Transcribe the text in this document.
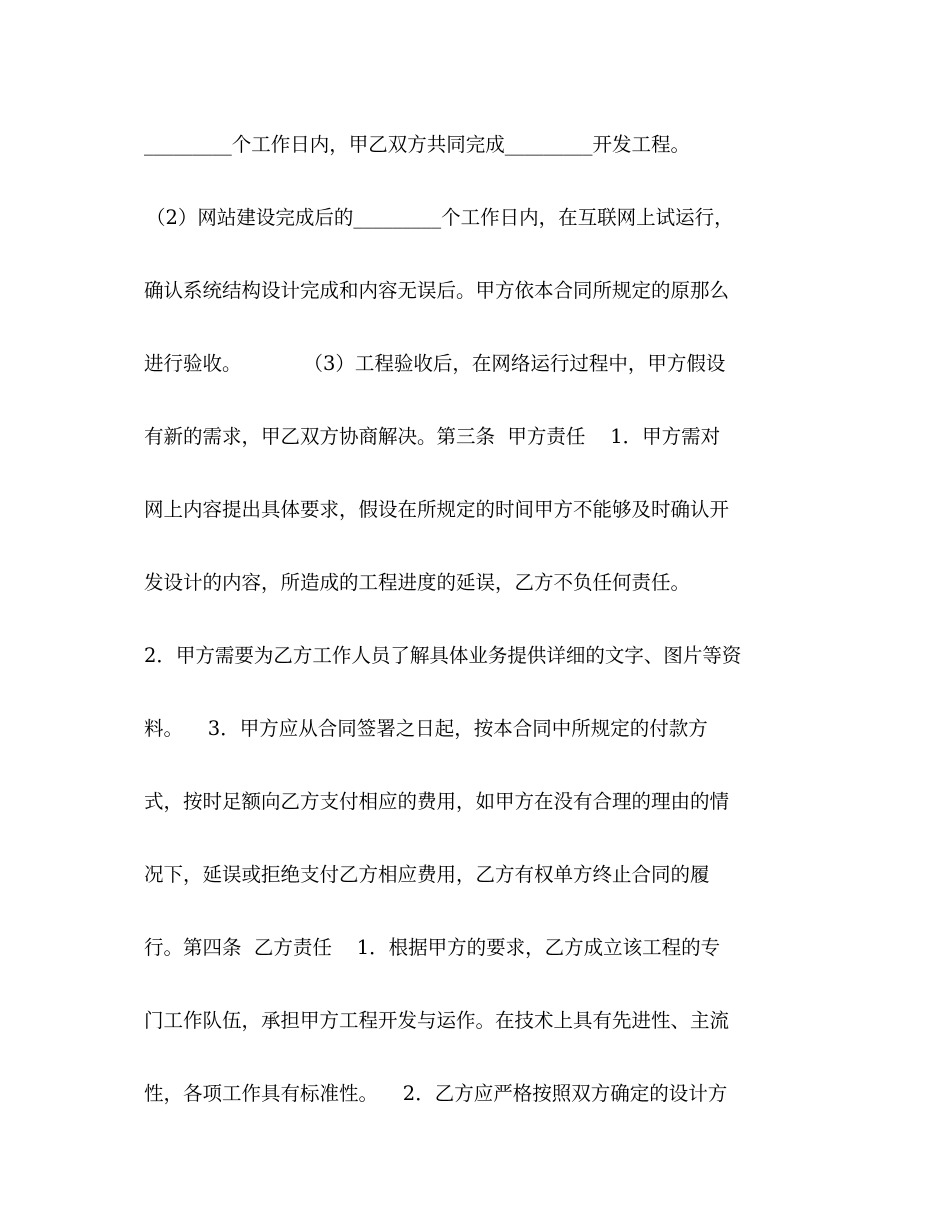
_________个工作日内，甲乙双方共同完成_________开发工程。
（2）网站建设完成后的_________个工作日内，在互联网上试运行，
确认系统结构设计完成和内容无误后。甲方依本合同所规定的原那么
进行验收。          （3）工程验收后，在网络运行过程中，甲方假设
有新的需求，甲乙双方协商解决。第三条  甲方责任    1．甲方需对
网上内容提出具体要求，假设在所规定的时间甲方不能够及时确认开
发设计的内容，所造成的工程进度的延误，乙方不负任何责任。
2．甲方需要为乙方工作人员了解具体业务提供详细的文字、图片等资
料。    3．甲方应从合同签署之日起，按本合同中所规定的付款方
式，按时足额向乙方支付相应的费用，如甲方在没有合理的理由的情
况下，延误或拒绝支付乙方相应费用，乙方有权单方终止合同的履
行。第四条  乙方责任    1．根据甲方的要求，乙方成立该工程的专
门工作队伍，承担甲方工程开发与运作。在技术上具有先进性、主流
性，各项工作具有标准性。    2．乙方应严格按照双方确定的设计方
